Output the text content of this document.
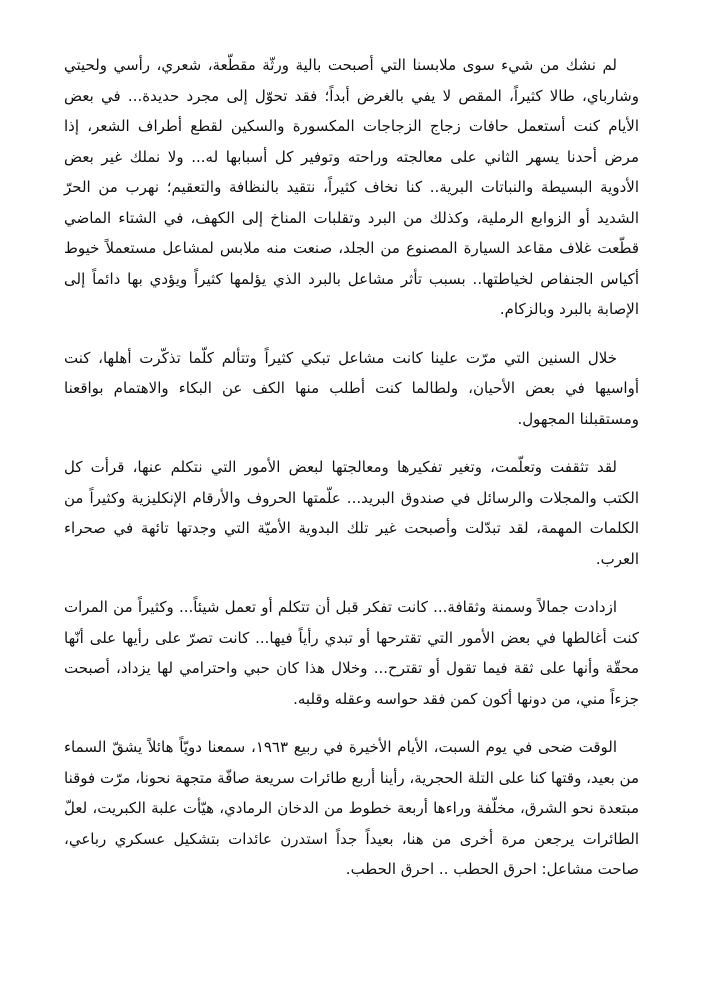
لم نشك من شيء سوى ملابسنا التي أصبحت بالية ورثّة مقطّعة، شعري، رأسي ولحيتي وشارباي، طالا كثيراً، المقص لا يفي بالغرض أبداً؛ فقد تحوّل إلى مجرد حديدة... في بعض الأيام كنت أستعمل حافات زجاج الزجاجات المكسورة والسكين لقطع أطراف الشعر، إذا مرض أحدنا يسهر الثاني على معالجته وراحته وتوفير كل أسبابها له... ولا نملك غير بعض الأدوية البسيطة والنباتات البرية.. كنا نخاف كثيراً، نتقيد بالنظافة والتعقيم؛ نهرب من الحرّ الشديد أو الزوابع الرملية، وكذلك من البرد وتقلبات المناخ إلى الكهف، في الشتاء الماضي قطّعت غلاف مقاعد السيارة المصنوع من الجلد، صنعت منه ملابس لمشاعل مستعملاً خيوط أكياس الجنفاص لخياطتها.. بسبب تأثر مشاعل بالبرد الذي يؤلمها كثيراً ويؤدي بها دائماً إلى الإصابة بالبرد وبالزكام.

خلال السنين التي مرّت علينا كانت مشاعل تبكي كثيراً وتتألم كلّما تذكّرت أهلها، كنت أواسيها في بعض الأحيان، ولطالما كنت أطلب منها الكف عن البكاء والاهتمام بواقعنا ومستقبلنا المجهول.

لقد تثقفت وتعلّمت، وتغير تفكيرها ومعالجتها لبعض الأمور التي نتكلم عنها، قرأت كل الكتب والمجلات والرسائل في صندوق البريد... علّمتها الحروف والأرقام الإنكليزية وكثيراً من الكلمات المهمة، لقد تبدّلت وأصبحت غير تلك البدوية الأميّة التي وجدتها تائهة في صحراء العرب.

ازدادت جمالاً وسمنة وثقافة... كانت تفكر قبل أن تتكلم أو تعمل شيئاً... وكثيراً من المرات كنت أغالطها في بعض الأمور التي تقترحها أو تبدي رأياً فيها... كانت تصرّ على رأيها على أنّها محقّة وأنها على ثقة فيما تقول أو تقترح... وخلال هذا كان حبي واحترامي لها يزداد، أصبحت جزءاً مني، من دونها أكون كمن فقد حواسه وعقله وقلبه.

الوقت ضحى في يوم السبت، الأيام الأخيرة في ربيع ١٩٦٣، سمعنا دويّاً هائلاً يشقّ السماء من بعيد، وقتها كنا على التلة الحجرية، رأينا أربع طائرات سريعة صافّة متجهة نحونا، مرّت فوقنا مبتعدة نحو الشرق، مخلّفة وراءها أربعة خطوط من الدخان الرمادي، هيّأت علبة الكبريت، لعلّ الطائرات يرجعن مرة أخرى من هنا، بعيداً جداً استدرن عائدات بتشكيل عسكري رباعي، صاحت مشاعل: احرق الحطب .. احرق الحطب.
